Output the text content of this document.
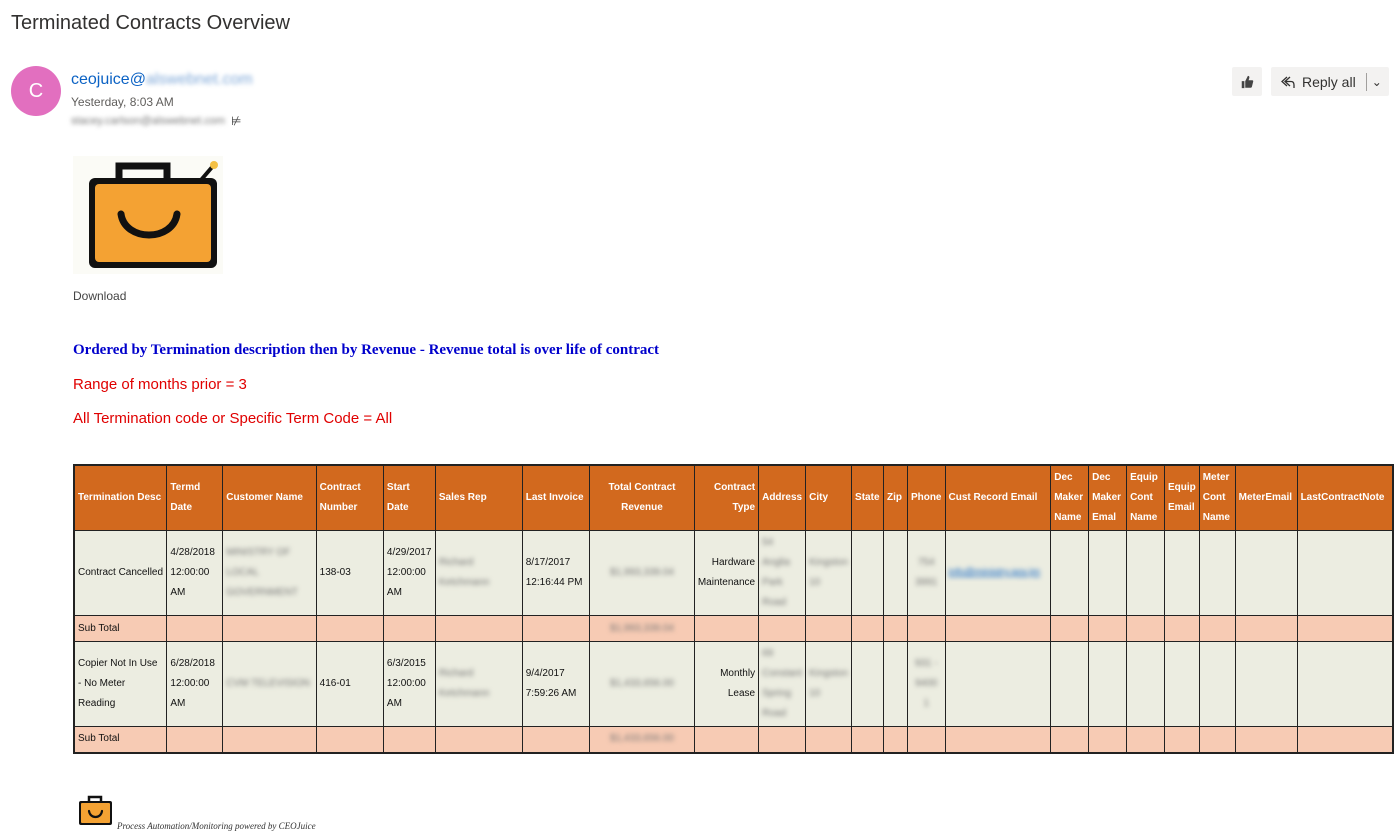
Terminated Contracts Overview
C ceojuice@alswebnet.com
Yesterday, 8:03 AM
stacey.carlson@alswebnet.com ⊭
Reply all ⌄
Download
Ordered by Termination description then by Revenue - Revenue total is over life of contract
Range of months prior = 3
All Termination code or Specific Term Code = All
Termination Desc	Termd Date	Customer Name	Contract Number	Start Date	Sales Rep	Last Invoice	Total Contract Revenue	Contract Type	Address	City	State	Zip	Phone	Cust Record Email	Dec Maker Name	Dec Maker Emal	Equip Cont Name	Equip Email	Meter Cont Name	MeterEmail	LastContractNote
Contract Cancelled	4/28/2018 12:00:00 AM	MINISTRY OF LOCAL GOVERNMENT	138-03	4/29/2017 12:00:00 AM	Richard Ketchmann	8/17/2017 12:16:44 PM	$1,993,339.04	Hardware Maintenance	54 Anglia Park Road	Kingston 10			754 3991	info@ministry.gov.jm							
Sub Total							$1,993,339.04														
Copier Not In Use - No Meter Reading	6/28/2018 12:00:00 AM	CVM TELEVISION	416-01	6/3/2015 12:00:00 AM	Richard Ketchmann	9/4/2017 7:59:26 AM	$1,433,656.00	Monthly Lease	69 Constant Spring Road	Kingston 10			931 - 9400 1								
Sub Total							$1,433,656.00														
Process Automation/Monitoring powered by CEOJuice
